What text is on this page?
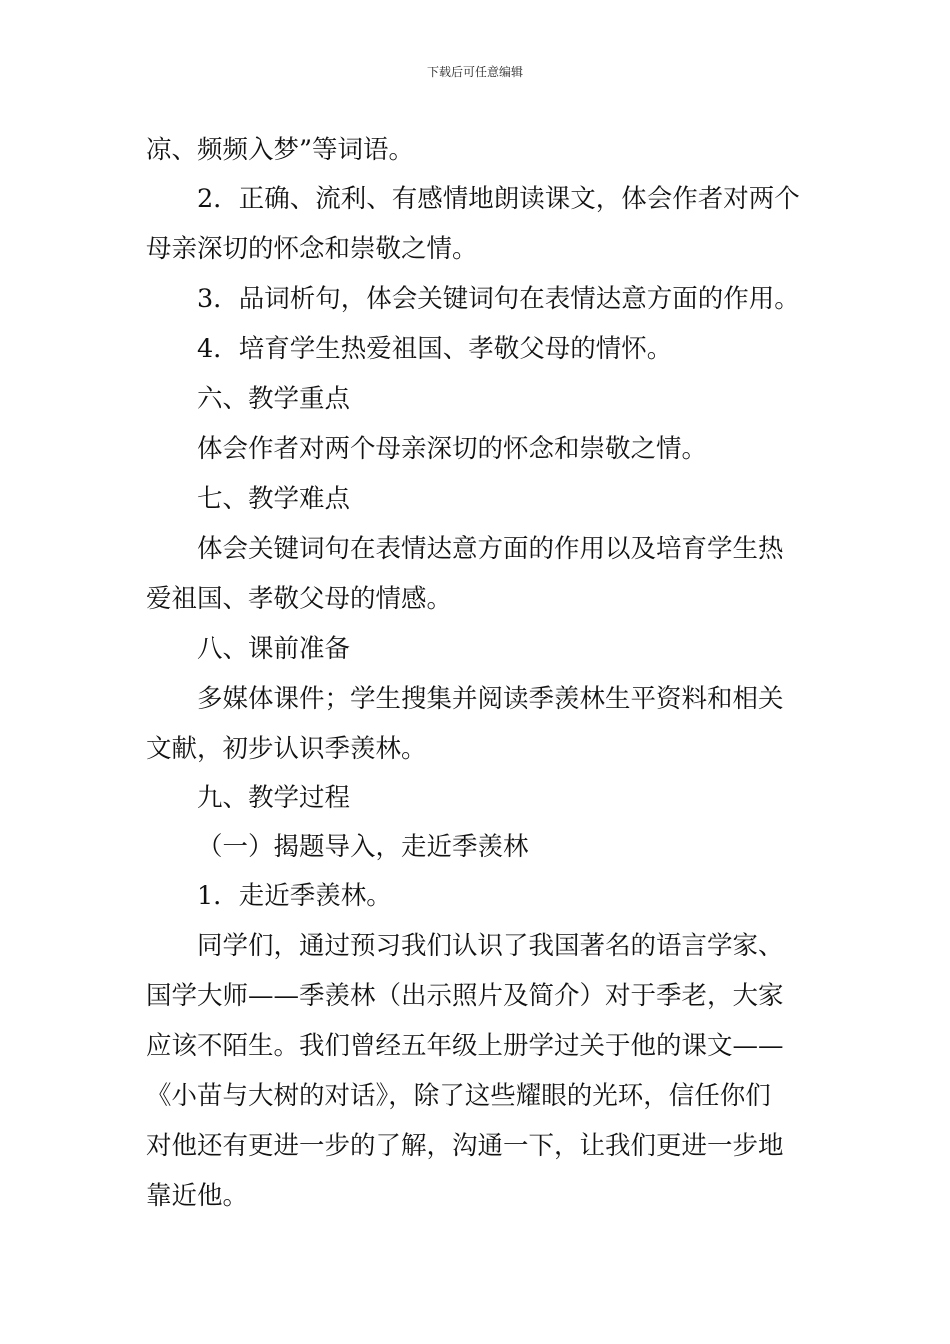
下载后可任意编辑
凉、频频入梦”等词语。
2．正确、流利、有感情地朗读课文，体会作者对两个
母亲深切的怀念和崇敬之情。
3．品词析句，体会关键词句在表情达意方面的作用。
4．培育学生热爱祖国、孝敬父母的情怀。
六、教学重点
体会作者对两个母亲深切的怀念和崇敬之情。
七、教学难点
体会关键词句在表情达意方面的作用以及培育学生热
爱祖国、孝敬父母的情感。
八、课前准备
多媒体课件；学生搜集并阅读季羡林生平资料和相关
文献，初步认识季羡林。
九、教学过程
（一）揭题导入，走近季羡林
1．走近季羡林。
同学们，通过预习我们认识了我国著名的语言学家、
国学大师——季羡林（出示照片及简介）对于季老，大家
应该不陌生。我们曾经五年级上册学过关于他的课文——
《小苗与大树的对话》，除了这些耀眼的光环，信任你们
对他还有更进一步的了解，沟通一下，让我们更进一步地
靠近他。
